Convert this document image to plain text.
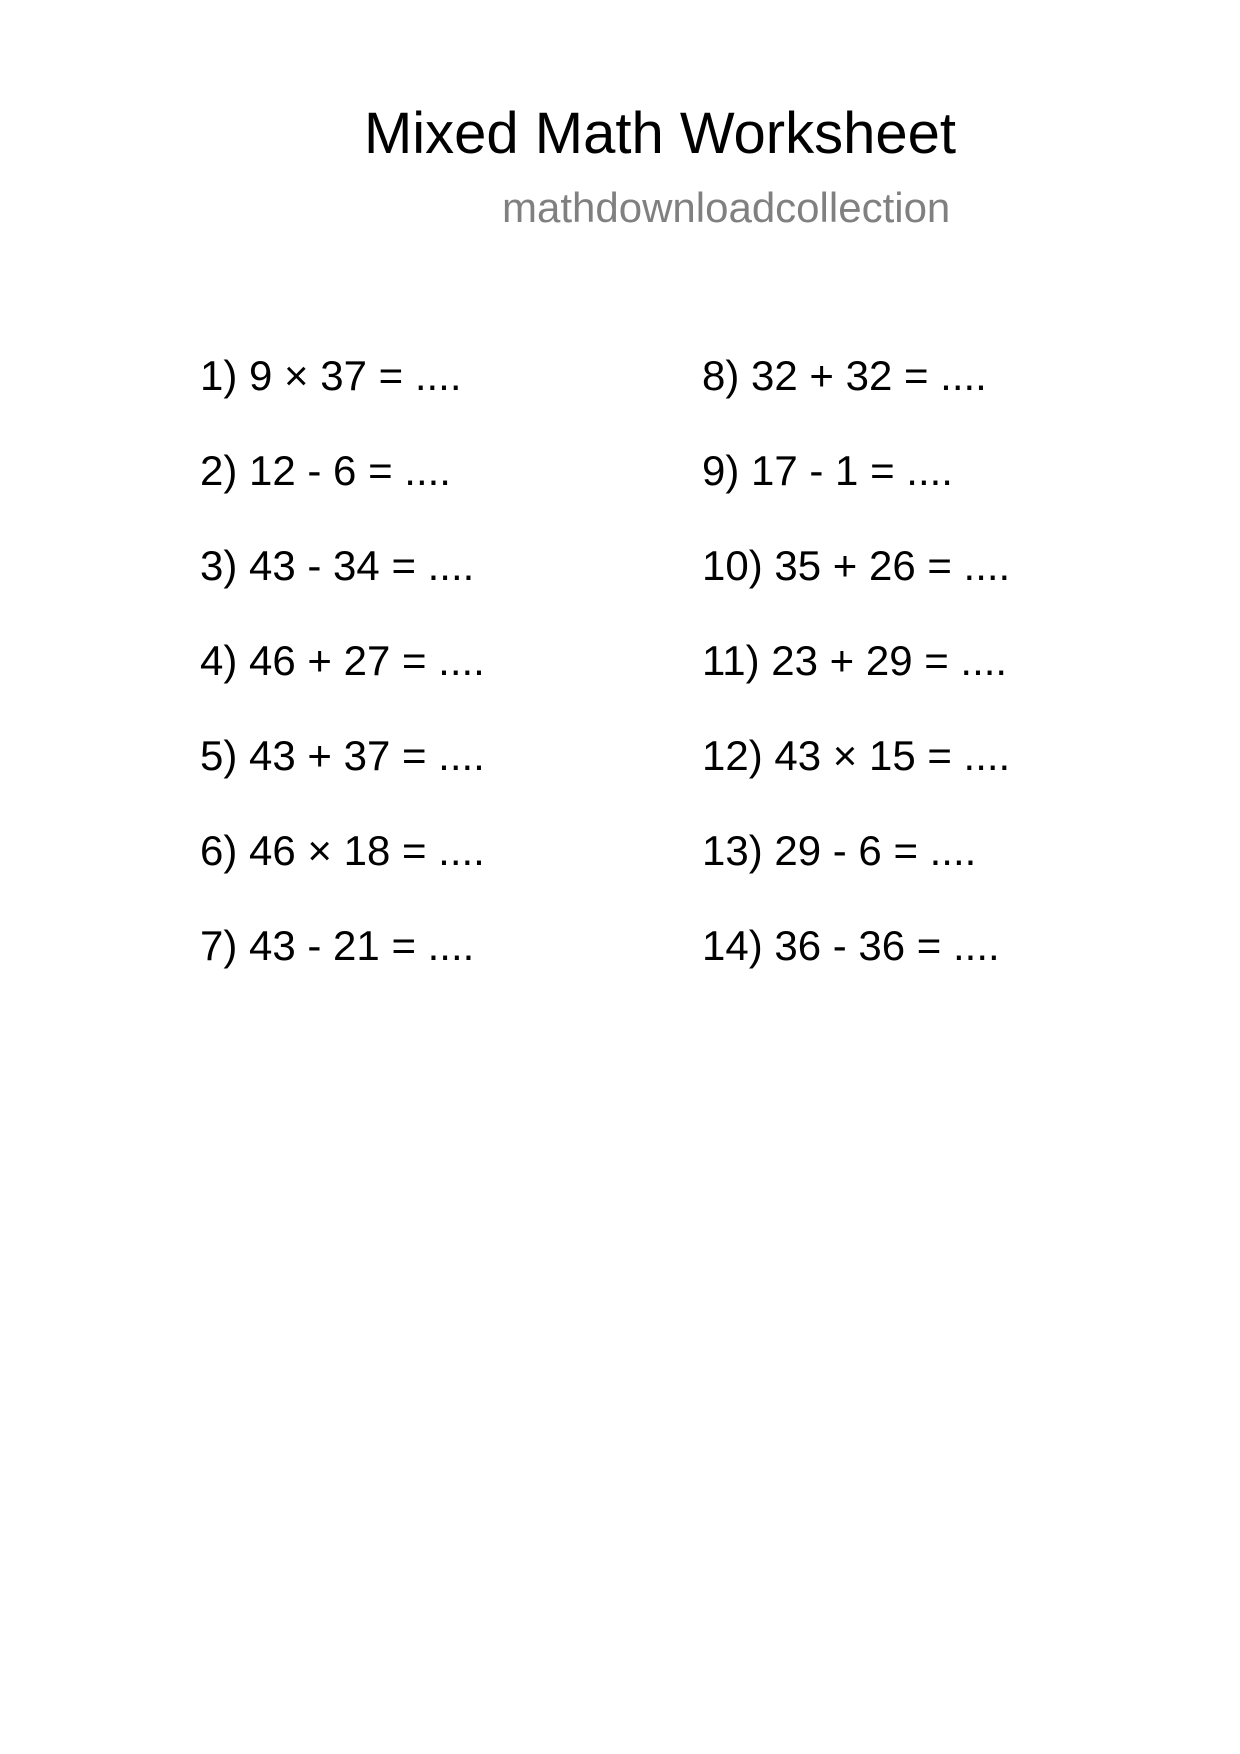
Mixed Math Worksheet
mathdownloadcollection
1) 9 × 37 = ....
2) 12 - 6 = ....
3) 43 - 34 = ....
4) 46 + 27 = ....
5) 43 + 37 = ....
6) 46 × 18 = ....
7) 43 - 21 = ....
8) 32 + 32 = ....
9) 17 - 1 = ....
10) 35 + 26 = ....
11) 23 + 29 = ....
12) 43 × 15 = ....
13) 29 - 6 = ....
14) 36 - 36 = ....
